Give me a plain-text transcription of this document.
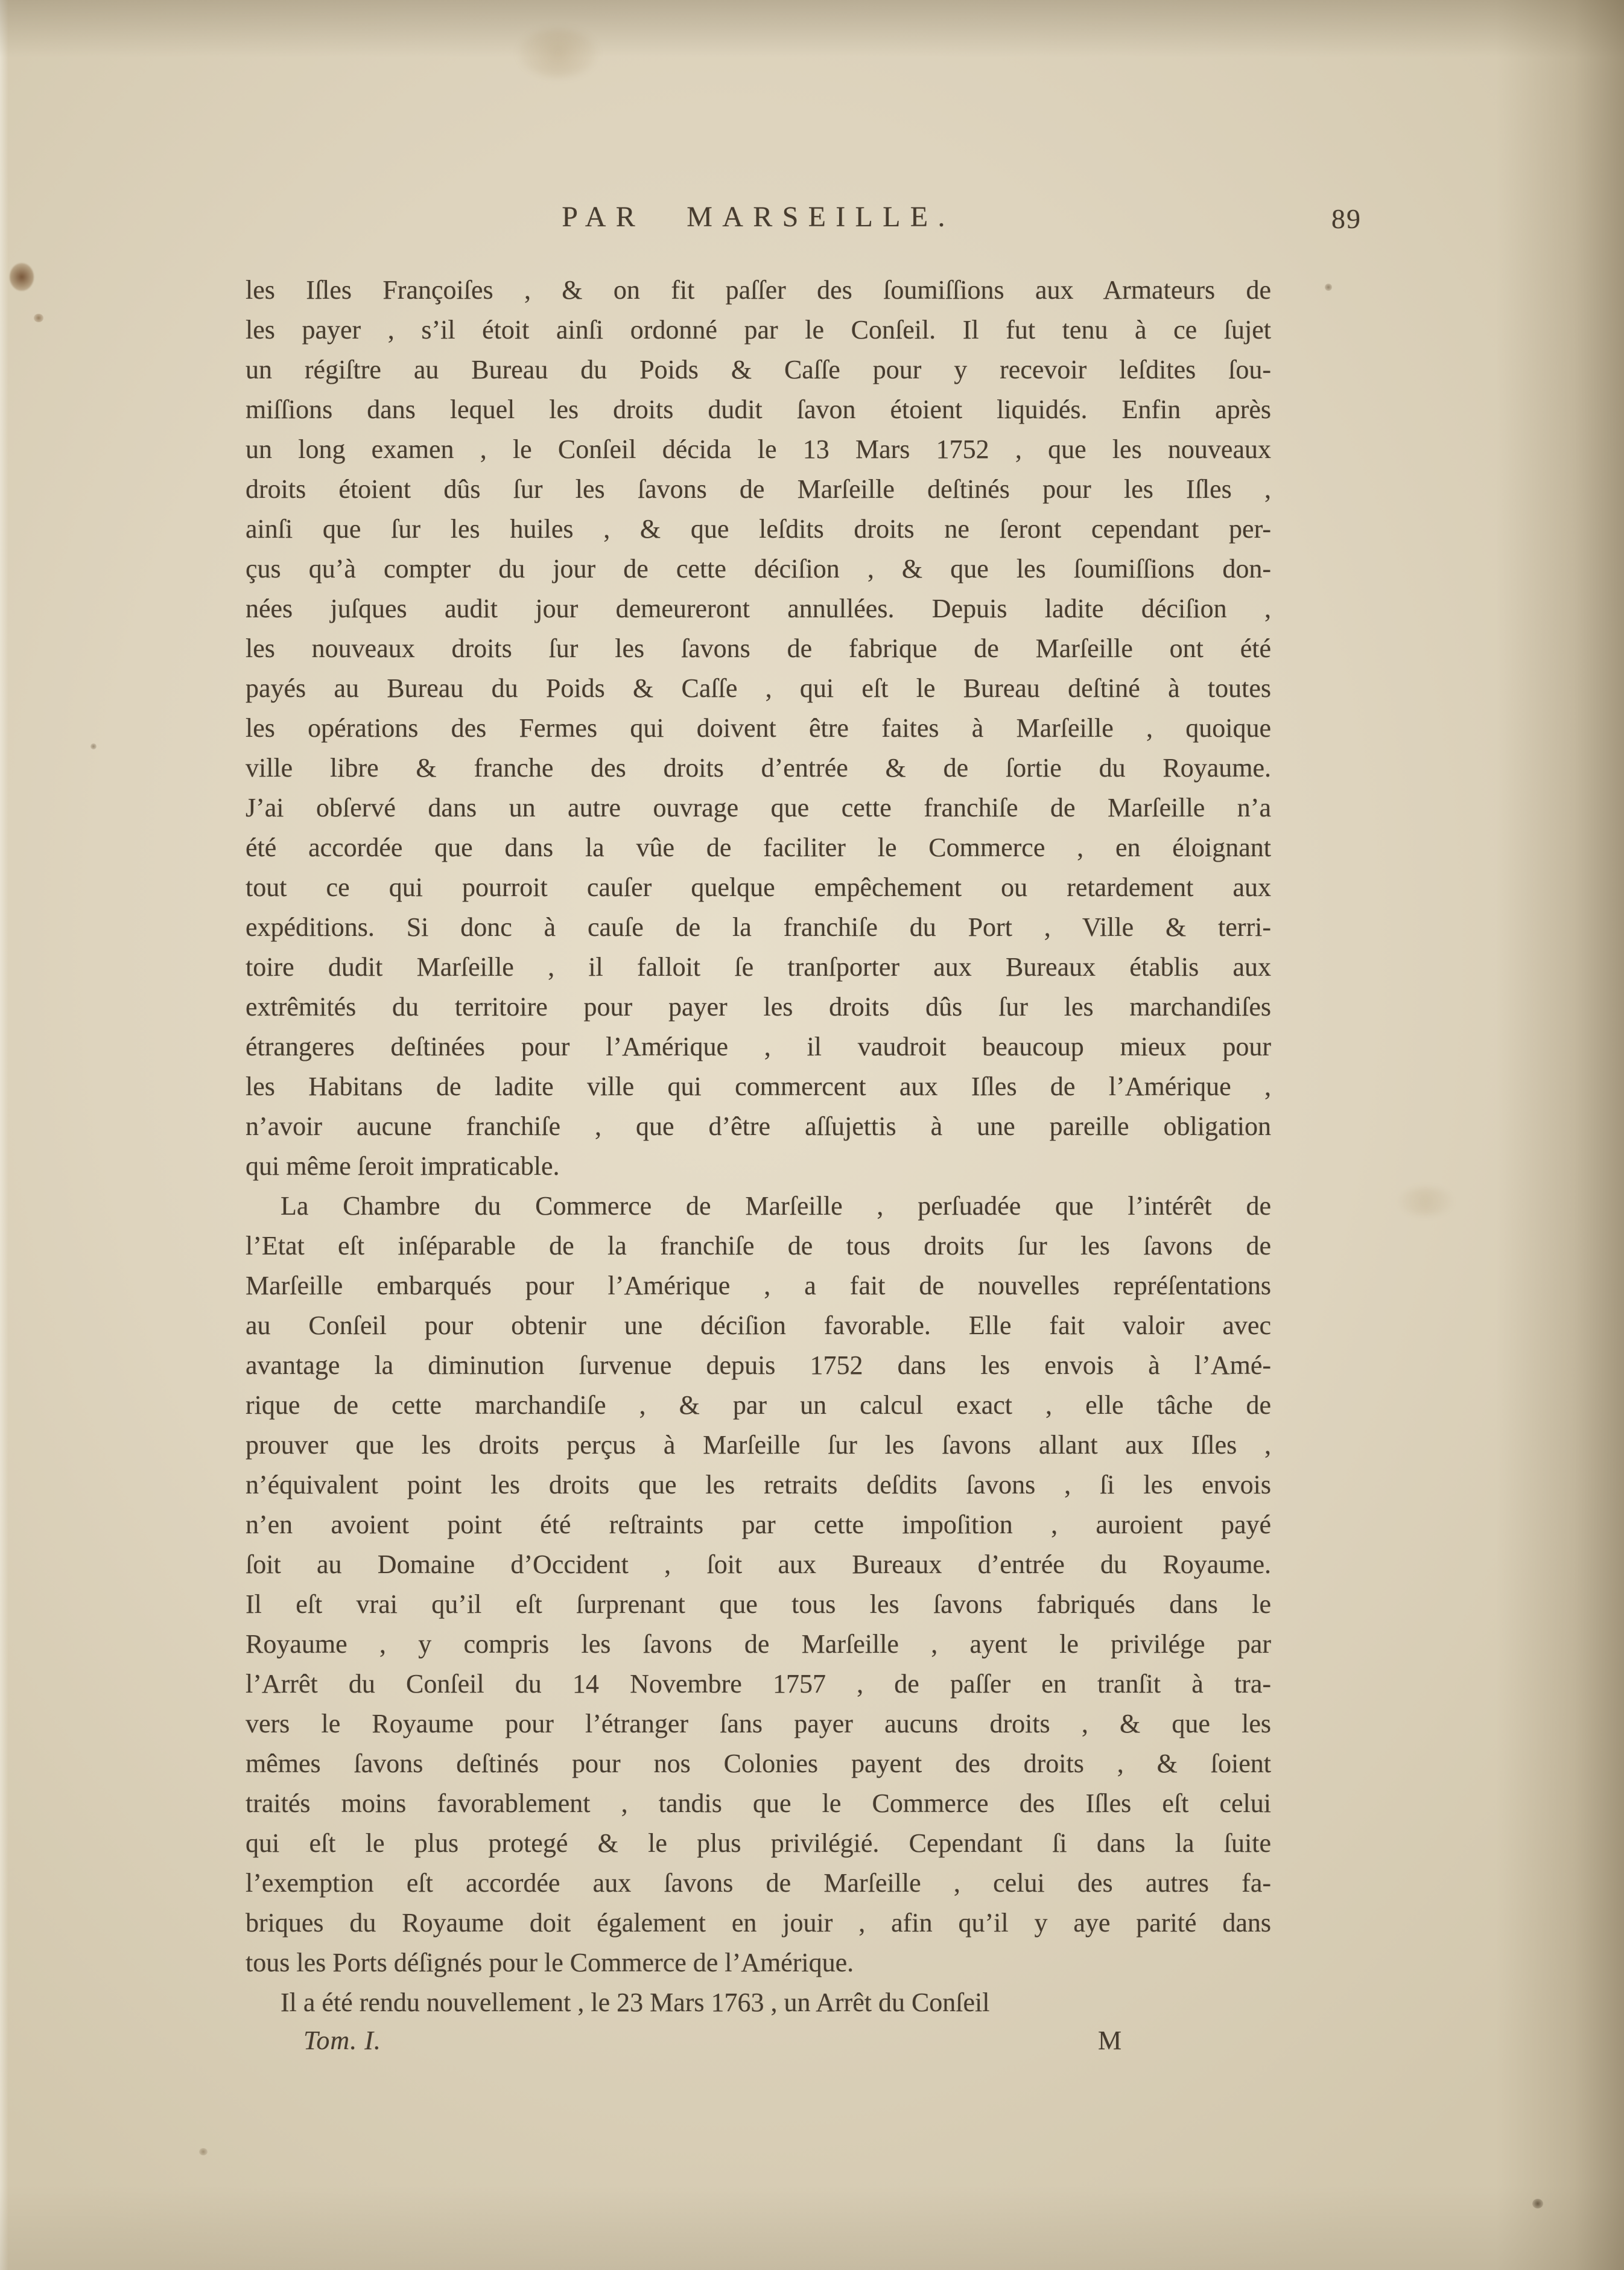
PAR MARSEILLE.	89
les Iſles Françoiſes , & on fit paſſer des ſoumiſſions aux Armateurs de
les payer , s’il étoit ainſi ordonné par le Conſeil. Il fut tenu à ce ſujet
un régiſtre au Bureau du Poids & Caſſe pour y recevoir leſdites ſou-
miſſions dans lequel les droits dudit ſavon étoient liquidés. Enfin après
un long examen , le Conſeil décida le 13 Mars 1752 , que les nouveaux
droits étoient dûs ſur les ſavons de Marſeille deſtinés pour les Iſles ,
ainſi que ſur les huiles , & que leſdits droits ne ſeront cependant per-
çus qu’à compter du jour de cette déciſion , & que les ſoumiſſions don-
nées juſques audit jour demeureront annullées. Depuis ladite déciſion ,
les nouveaux droits ſur les ſavons de fabrique de Marſeille ont été
payés au Bureau du Poids & Caſſe , qui eſt le Bureau deſtiné à toutes
les opérations des Fermes qui doivent être faites à Marſeille , quoique
ville libre & franche des droits d’entrée & de ſortie du Royaume.
J’ai obſervé dans un autre ouvrage que cette franchiſe de Marſeille n’a
été accordée que dans la vûe de faciliter le Commerce , en éloignant
tout ce qui pourroit cauſer quelque empêchement ou retardement aux
expéditions. Si donc à cauſe de la franchiſe du Port , Ville & terri-
toire dudit Marſeille , il falloit ſe tranſporter aux Bureaux établis aux
extrêmités du territoire pour payer les droits dûs ſur les marchandiſes
étrangeres deſtinées pour l’Amérique , il vaudroit beaucoup mieux pour
les Habitans de ladite ville qui commercent aux Iſles de l’Amérique ,
n’avoir aucune franchiſe , que d’être aſſujettis à une pareille obligation
qui même ſeroit impraticable.
La Chambre du Commerce de Marſeille , perſuadée que l’intérêt de
l’Etat eſt inſéparable de la franchiſe de tous droits ſur les ſavons de
Marſeille embarqués pour l’Amérique , a fait de nouvelles repréſentations
au Conſeil pour obtenir une déciſion favorable. Elle fait valoir avec
avantage la diminution ſurvenue depuis 1752 dans les envois à l’Amé-
rique de cette marchandiſe , & par un calcul exact , elle tâche de
prouver que les droits perçus à Marſeille ſur les ſavons allant aux Iſles ,
n’équivalent point les droits que les retraits deſdits ſavons , ſi les envois
n’en avoient point été reſtraints par cette impoſition , auroient payé
ſoit au Domaine d’Occident , ſoit aux Bureaux d’entrée du Royaume.
Il eſt vrai qu’il eſt ſurprenant que tous les ſavons fabriqués dans le
Royaume , y compris les ſavons de Marſeille , ayent le privilége par
l’Arrêt du Conſeil du 14 Novembre 1757 , de paſſer en tranſit à tra-
vers le Royaume pour l’étranger ſans payer aucuns droits , & que les
mêmes ſavons deſtinés pour nos Colonies payent des droits , & ſoient
traités moins favorablement , tandis que le Commerce des Iſles eſt celui
qui eſt le plus protegé & le plus privilégié. Cependant ſi dans la ſuite
l’exemption eſt accordée aux ſavons de Marſeille , celui des autres fa-
briques du Royaume doit également en jouir , afin qu’il y aye parité dans
tous les Ports déſignés pour le Commerce de l’Amérique.
Il a été rendu nouvellement , le 23 Mars 1763 , un Arrêt du Conſeil
Tom. I.	M
